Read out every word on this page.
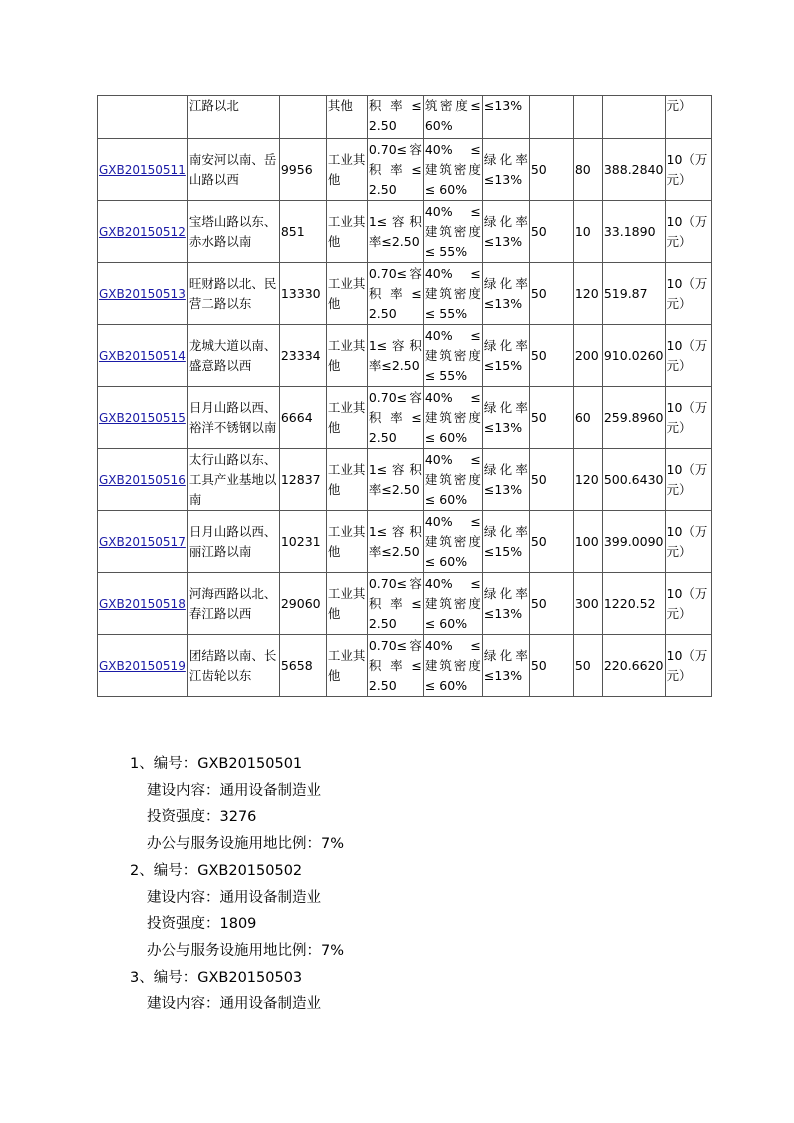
	江路以北		其他	积 率 ≤ 2.50	筑密度≤ 60%	≤13%				元）
GXB20150511	南安河以南、岳山路以西	9956	工业其他	0.70≤容积 率 ≤ 2.50	40% ≤ 建筑密度≤ 60%	绿化率≤13%	50	80	388.2840	10（万元）
GXB20150512	宝塔山路以东、赤水路以南	851	工业其他	1≤容积率≤2.50	40% ≤ 建筑密度≤ 55%	绿化率≤13%	50	10	33.1890	10（万元）
GXB20150513	旺财路以北、民营二路以东	13330	工业其他	0.70≤容积 率 ≤ 2.50	40% ≤ 建筑密度≤ 55%	绿化率≤13%	50	120	519.87	10（万元）
GXB20150514	龙城大道以南、盛意路以西	23334	工业其他	1≤容积率≤2.50	40% ≤ 建筑密度≤ 55%	绿化率≤15%	50	200	910.0260	10（万元）
GXB20150515	日月山路以西、裕洋不锈钢以南	6664	工业其他	0.70≤容积 率 ≤ 2.50	40% ≤ 建筑密度≤ 60%	绿化率≤13%	50	60	259.8960	10（万元）
GXB20150516	太行山路以东、工具产业基地以南	12837	工业其他	1≤容积率≤2.50	40% ≤ 建筑密度≤ 60%	绿化率≤13%	50	120	500.6430	10（万元）
GXB20150517	日月山路以西、丽江路以南	10231	工业其他	1≤容积率≤2.50	40% ≤ 建筑密度≤ 60%	绿化率≤15%	50	100	399.0090	10（万元）
GXB20150518	河海西路以北、春江路以西	29060	工业其他	0.70≤容积 率 ≤ 2.50	40% ≤ 建筑密度≤ 60%	绿化率≤13%	50	300	1220.52	10（万元）
GXB20150519	团结路以南、长江齿轮以东	5658	工业其他	0.70≤容积 率 ≤ 2.50	40% ≤ 建筑密度≤ 60%	绿化率≤13%	50	50	220.6620	10（万元）
1、编号：GXB20150501
建设内容：通用设备制造业
投资强度：3276
办公与服务设施用地比例：7%
2、编号：GXB20150502
建设内容：通用设备制造业
投资强度：1809
办公与服务设施用地比例：7%
3、编号：GXB20150503
建设内容：通用设备制造业
